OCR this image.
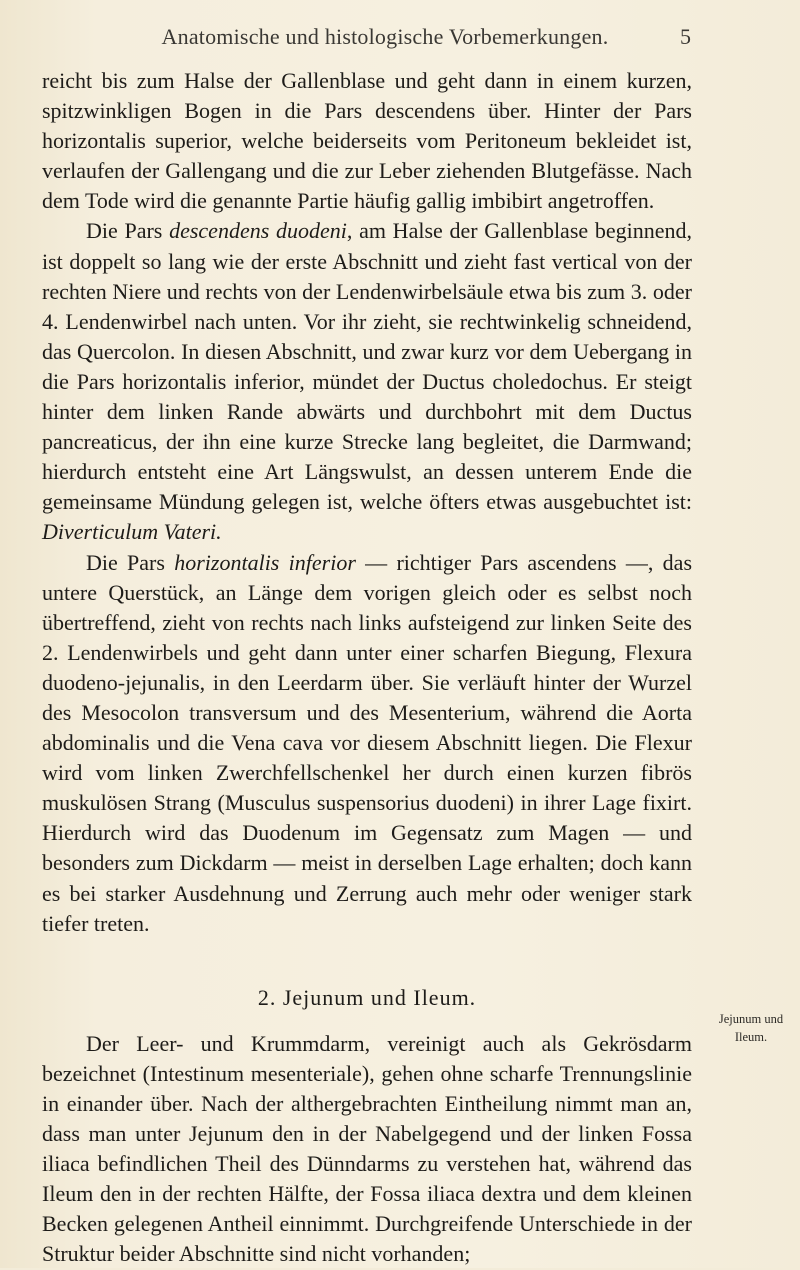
Anatomische und histologische Vorbemerkungen.	5

reicht bis zum Halse der Gallenblase und geht dann in einem kurzen, spitzwinkligen Bogen in die Pars descendens über. Hinter der Pars horizontalis superior, welche beiderseits vom Peritoneum bekleidet ist, verlaufen der Gallengang und die zur Leber ziehenden Blutgefässe. Nach dem Tode wird die genannte Partie häufig gallig imbibirt angetroffen.

Die Pars descendens duodeni, am Halse der Gallenblase beginnend, ist doppelt so lang wie der erste Abschnitt und zieht fast vertical von der rechten Niere und rechts von der Lendenwirbelsäule etwa bis zum 3. oder 4. Lendenwirbel nach unten. Vor ihr zieht, sie rechtwinkelig schneidend, das Quercolon. In diesen Abschnitt, und zwar kurz vor dem Uebergang in die Pars horizontalis inferior, mündet der Ductus choledochus. Er steigt hinter dem linken Rande abwärts und durchbohrt mit dem Ductus pancreaticus, der ihn eine kurze Strecke lang begleitet, die Darmwand; hierdurch entsteht eine Art Längswulst, an dessen unterem Ende die gemeinsame Mündung gelegen ist, welche öfters etwas ausgebuchtet ist: Diverticulum Vateri.

Die Pars horizontalis inferior — richtiger Pars ascendens —, das untere Querstück, an Länge dem vorigen gleich oder es selbst noch übertreffend, zieht von rechts nach links aufsteigend zur linken Seite des 2. Lendenwirbels und geht dann unter einer scharfen Biegung, Flexura duodeno-jejunalis, in den Leerdarm über. Sie verläuft hinter der Wurzel des Mesocolon transversum und des Mesenterium, während die Aorta abdominalis und die Vena cava vor diesem Abschnitt liegen. Die Flexur wird vom linken Zwerchfellschenkel her durch einen kurzen fibrös muskulösen Strang (Musculus suspensorius duodeni) in ihrer Lage fixirt. Hierdurch wird das Duodenum im Gegensatz zum Magen — und besonders zum Dickdarm — meist in derselben Lage erhalten; doch kann es bei starker Ausdehnung und Zerrung auch mehr oder weniger stark tiefer treten.

2. Jejunum und Ileum.

Der Leer- und Krummdarm, vereinigt auch als Gekrösdarm bezeichnet (Intestinum mesenteriale), gehen ohne scharfe Trennungslinie in einander über. Nach der althergebrachten Eintheilung nimmt man an, dass man unter Jejunum den in der Nabelgegend und der linken Fossa iliaca befindlichen Theil des Dünndarms zu verstehen hat, während das Ileum den in der rechten Hälfte, der Fossa iliaca dextra und dem kleinen Becken gelegenen Antheil einnimmt. Durchgreifende Unterschiede in der Struktur beider Abschnitte sind nicht vorhanden;

Jejunum und Ileum.
